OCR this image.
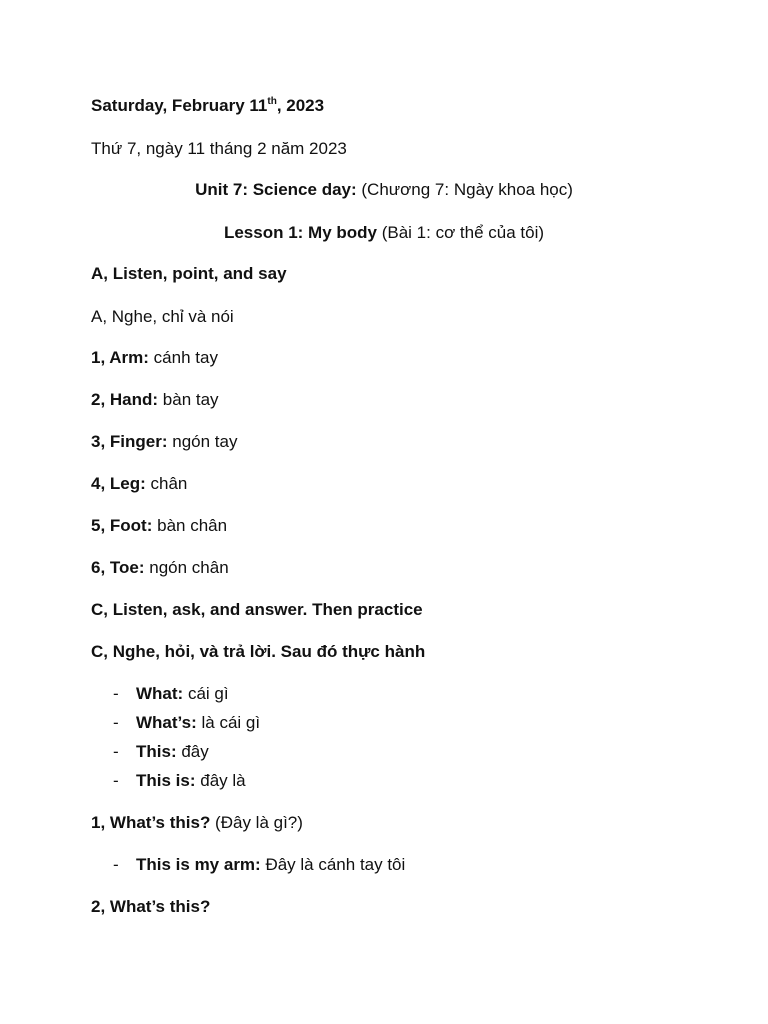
Saturday, February 11th, 2023
Thứ 7, ngày 11 tháng 2 năm 2023
Unit 7: Science day: (Chương 7: Ngày khoa học)
Lesson 1: My body (Bài 1: cơ thể của tôi)
A, Listen, point, and say
A, Nghe, chỉ và nói
1, Arm: cánh tay
2, Hand: bàn tay
3, Finger: ngón tay
4, Leg: chân
5, Foot: bàn chân
6, Toe: ngón chân
C, Listen, ask, and answer. Then practice
C, Nghe, hỏi, và trả lời. Sau đó thực hành
- What: cái gì
- What’s: là cái gì
- This: đây
- This is: đây là
1, What’s this? (Đây là gì?)
- This is my arm: Đây là cánh tay tôi
2, What’s this?
